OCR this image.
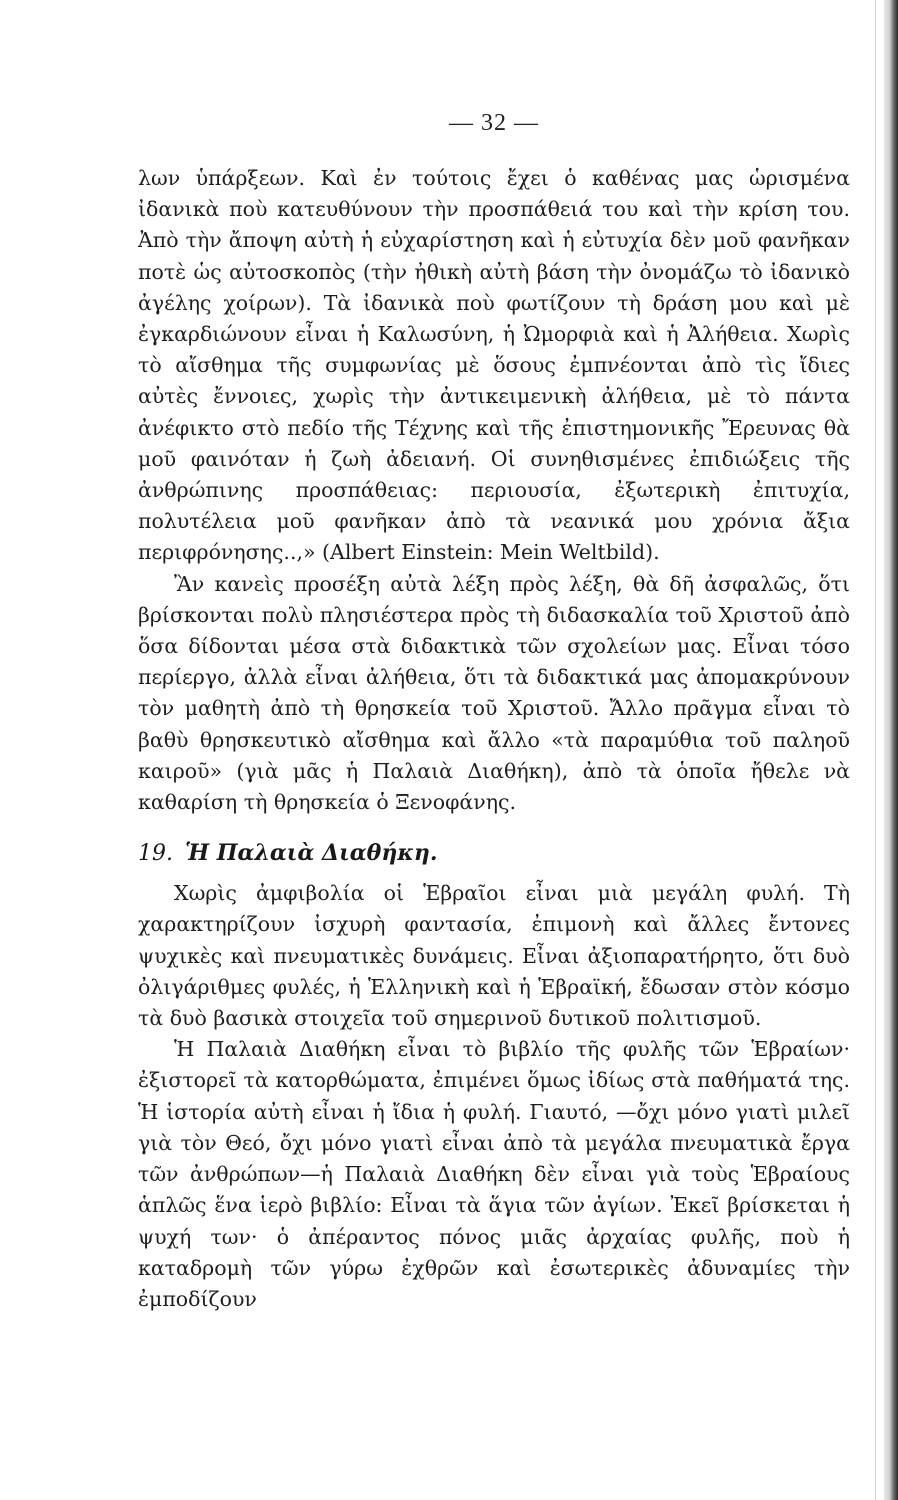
— 32 —

λων ὑπάρξεων. Καὶ ἐν τούτοις ἔχει ὁ καθένας μας ὡρισμένα ἰδανικὰ ποὺ κατευθύνουν τὴν προσπάθειά του καὶ τὴν κρίση του. Ἀπὸ τὴν ἄποψη αὐτὴ ἡ εὐχαρίστηση καὶ ἡ εὐτυχία δὲν μοῦ φανῆκαν ποτὲ ὡς αὐτοσκοπὸς (τὴν ἠθικὴ αὐτὴ βάση τὴν ὀνομάζω τὸ ἰδανικὸ ἀγέλης χοίρων). Τὰ ἰδανικὰ ποὺ φωτίζουν τὴ δράση μου καὶ μὲ ἐγκαρδιώνουν εἶναι ἡ Καλωσύνη, ἡ Ὠμορφιὰ καὶ ἡ Ἀλήθεια. Χωρὶς τὸ αἴσθημα τῆς συμφωνίας μὲ ὅσους ἐμπνέονται ἀπὸ τὶς ἴδιες αὐτὲς ἔννοιες, χωρὶς τὴν ἀντικειμενικὴ ἀλήθεια, μὲ τὸ πάντα ἀνέφικτο στὸ πεδίο τῆς Τέχνης καὶ τῆς ἐπιστημονικῆς Ἔρευνας θὰ μοῦ φαινόταν ἡ ζωὴ ἀδειανή. Οἱ συνηθισμένες ἐπιδιώξεις τῆς ἀνθρώπινης προσπάθειας: περιουσία, ἐξωτερικὴ ἐπιτυχία, πολυτέλεια μοῦ φανῆκαν ἀπὸ τὰ νεανικά μου χρόνια ἄξια περιφρόνησης..,» (Albert Einstein: Mein Weltbild).

Ἂν κανεὶς προσέξη αὐτὰ λέξη πρὸς λέξη, θὰ δῆ ἀσφαλῶς, ὅτι βρίσκονται πολὺ πλησιέστερα πρὸς τὴ διδασκαλία τοῦ Χριστοῦ ἀπὸ ὅσα δίδονται μέσα στὰ διδακτικὰ τῶν σχολείων μας. Εἶναι τόσο περίεργο, ἀλλὰ εἶναι ἀλήθεια, ὅτι τὰ διδακτικά μας ἀπομακρύνουν τὸν μαθητὴ ἀπὸ τὴ θρησκεία τοῦ Χριστοῦ. Ἄλλο πρᾶγμα εἶναι τὸ βαθὺ θρησκευτικὸ αἴσθημα καὶ ἄλλο «τὰ παραμύθια τοῦ παληοῦ καιροῦ» (γιὰ μᾶς ἡ Παλαιὰ Διαθήκη), ἀπὸ τὰ ὁποῖα ἤθελε νὰ καθαρίση τὴ θρησκεία ὁ Ξενοφάνης.

19. Ἡ Παλαιὰ Διαθήκη.

Χωρὶς ἀμφιβολία οἱ Ἑβραῖοι εἶναι μιὰ μεγάλη φυλή. Τὴ χαρακτηρίζουν ἰσχυρὴ φαντασία, ἐπιμονὴ καὶ ἄλλες ἔντονες ψυχικὲς καὶ πνευματικὲς δυνάμεις. Εἶναι ἀξιοπαρατήρητο, ὅτι δυὸ ὀλιγάριθμες φυλές, ἡ Ἑλληνικὴ καὶ ἡ Ἑβραϊκή, ἔδωσαν στὸν κόσμο τὰ δυὸ βασικὰ στοιχεῖα τοῦ σημερινοῦ δυτικοῦ πολιτισμοῦ.

Ἡ Παλαιὰ Διαθήκη εἶναι τὸ βιβλίο τῆς φυλῆς τῶν Ἑβραίων· ἐξιστορεῖ τὰ κατορθώματα, ἐπιμένει ὅμως ἰδίως στὰ παθήματά της. Ἡ ἱστορία αὐτὴ εἶναι ἡ ἴδια ἡ φυλή. Γιαυτό, —ὄχι μόνο γιατὶ μιλεῖ γιὰ τὸν Θεό, ὄχι μόνο γιατὶ εἶναι ἀπὸ τὰ μεγάλα πνευματικὰ ἔργα τῶν ἀνθρώπων—ἡ Παλαιὰ Διαθήκη δὲν εἶναι γιὰ τοὺς Ἑβραίους ἁπλῶς ἕνα ἱερὸ βιβλίο: Εἶναι τὰ ἅγια τῶν ἁγίων. Ἐκεῖ βρίσκεται ἡ ψυχή των· ὁ ἀπέραντος πόνος μιᾶς ἀρχαίας φυλῆς, ποὺ ἡ καταδρομὴ τῶν γύρω ἐχθρῶν καὶ ἐσωτερικὲς ἀδυναμίες τὴν ἐμποδίζουν
